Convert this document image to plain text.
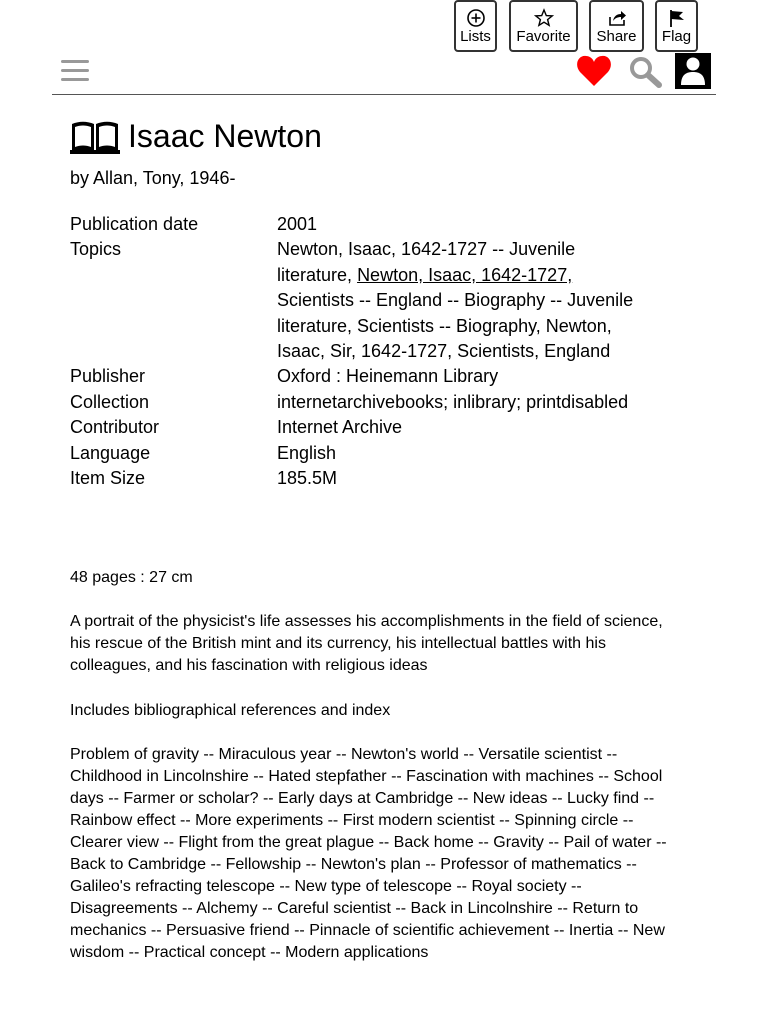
Isaac Newton
by Allan, Tony, 1946-
Lists Favorite Share Flag
Publication date	2001
Topics	Newton, Isaac, 1642-1727 -- Juvenile literature, Newton, Isaac, 1642-1727, Scientists -- England -- Biography -- Juvenile literature, Scientists -- Biography, Newton, Isaac, Sir, 1642-1727, Scientists, England
Publisher	Oxford : Heinemann Library
Collection	internetarchivebooks; inlibrary; printdisabled
Contributor	Internet Archive
Language	English
Item Size	185.5M
48 pages : 27 cm
A portrait of the physicist's life assesses his accomplishments in the field of science, his rescue of the British mint and its currency, his intellectual battles with his colleagues, and his fascination with religious ideas
Includes bibliographical references and index
Problem of gravity -- Miraculous year -- Newton's world -- Versatile scientist -- Childhood in Lincolnshire -- Hated stepfather -- Fascination with machines -- School days -- Farmer or scholar? -- Early days at Cambridge -- New ideas -- Lucky find -- Rainbow effect -- More experiments -- First modern scientist -- Spinning circle -- Clearer view -- Flight from the great plague -- Back home -- Gravity -- Pail of water -- Back to Cambridge -- Fellowship -- Newton's plan -- Professor of mathematics -- Galileo's refracting telescope -- New type of telescope -- Royal society -- Disagreements -- Alchemy -- Careful scientist -- Back in Lincolnshire -- Return to mechanics -- Persuasive friend -- Pinnacle of scientific achievement -- Inertia -- New wisdom -- Practical concept -- Modern applications
